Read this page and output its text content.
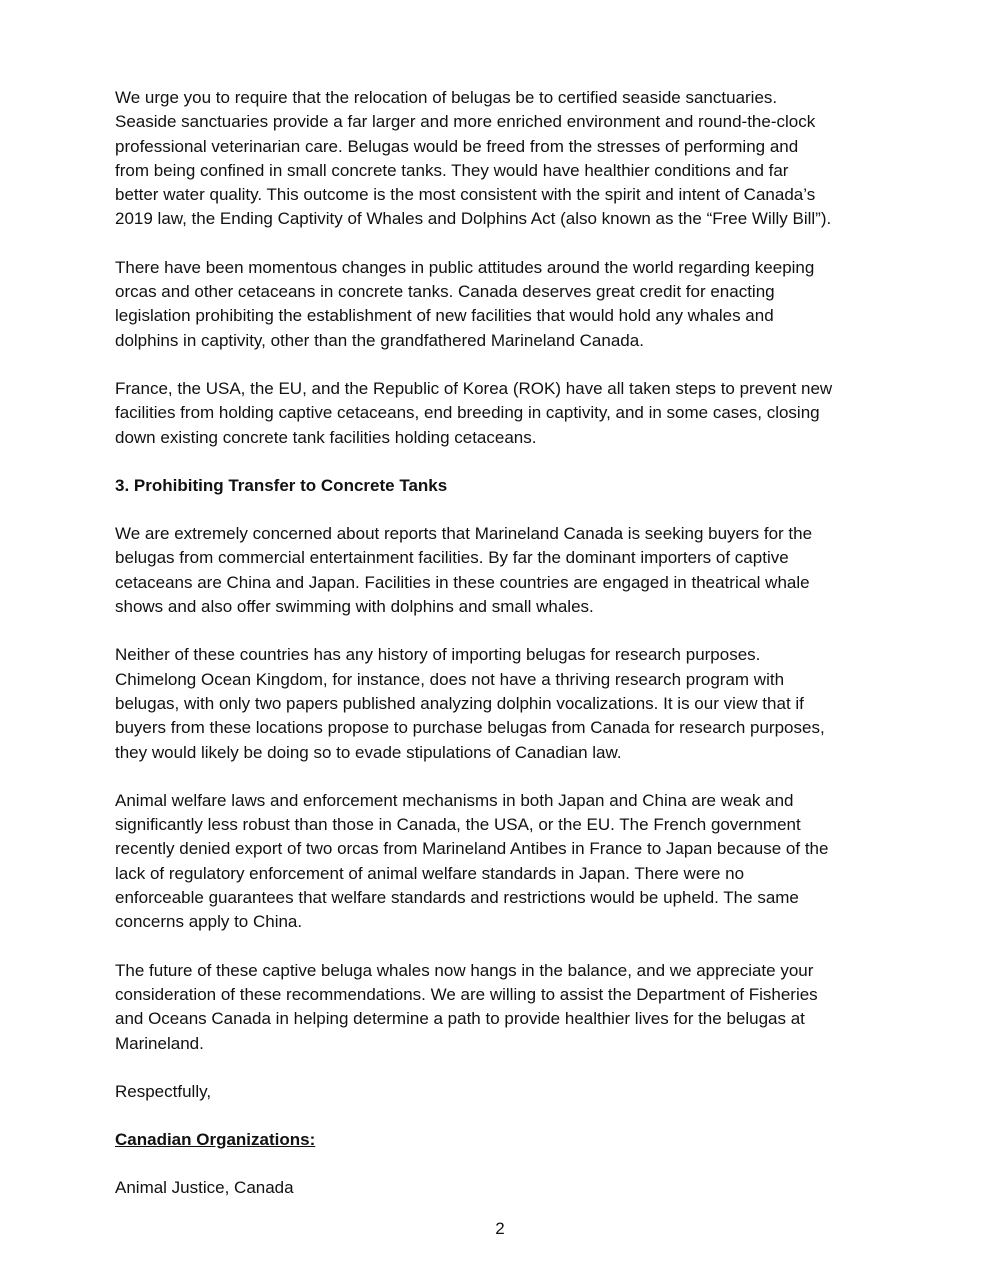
We urge you to require that the relocation of belugas be to certified seaside sanctuaries.
Seaside sanctuaries provide a far larger and more enriched environment and round-the-clock
professional veterinarian care. Belugas would be freed from the stresses of performing and
from being confined in small concrete tanks. They would have healthier conditions and far
better water quality. This outcome is the most consistent with the spirit and intent of Canada’s
2019 law, the Ending Captivity of Whales and Dolphins Act (also known as the “Free Willy Bill”).

There have been momentous changes in public attitudes around the world regarding keeping
orcas and other cetaceans in concrete tanks. Canada deserves great credit for enacting
legislation prohibiting the establishment of new facilities that would hold any whales and
dolphins in captivity, other than the grandfathered Marineland Canada.

France, the USA, the EU, and the Republic of Korea (ROK) have all taken steps to prevent new
facilities from holding captive cetaceans, end breeding in captivity, and in some cases, closing
down existing concrete tank facilities holding cetaceans.

3. Prohibiting Transfer to Concrete Tanks

We are extremely concerned about reports that Marineland Canada is seeking buyers for the
belugas from commercial entertainment facilities. By far the dominant importers of captive
cetaceans are China and Japan. Facilities in these countries are engaged in theatrical whale
shows and also offer swimming with dolphins and small whales.

Neither of these countries has any history of importing belugas for research purposes.
Chimelong Ocean Kingdom, for instance, does not have a thriving research program with
belugas, with only two papers published analyzing dolphin vocalizations. It is our view that if
buyers from these locations propose to purchase belugas from Canada for research purposes,
they would likely be doing so to evade stipulations of Canadian law.

Animal welfare laws and enforcement mechanisms in both Japan and China are weak and
significantly less robust than those in Canada, the USA, or the EU. The French government
recently denied export of two orcas from Marineland Antibes in France to Japan because of the
lack of regulatory enforcement of animal welfare standards in Japan. There were no
enforceable guarantees that welfare standards and restrictions would be upheld. The same
concerns apply to China.

The future of these captive beluga whales now hangs in the balance, and we appreciate your
consideration of these recommendations. We are willing to assist the Department of Fisheries
and Oceans Canada in helping determine a path to provide healthier lives for the belugas at
Marineland.

Respectfully,

Canadian Organizations:

Animal Justice, Canada

2
